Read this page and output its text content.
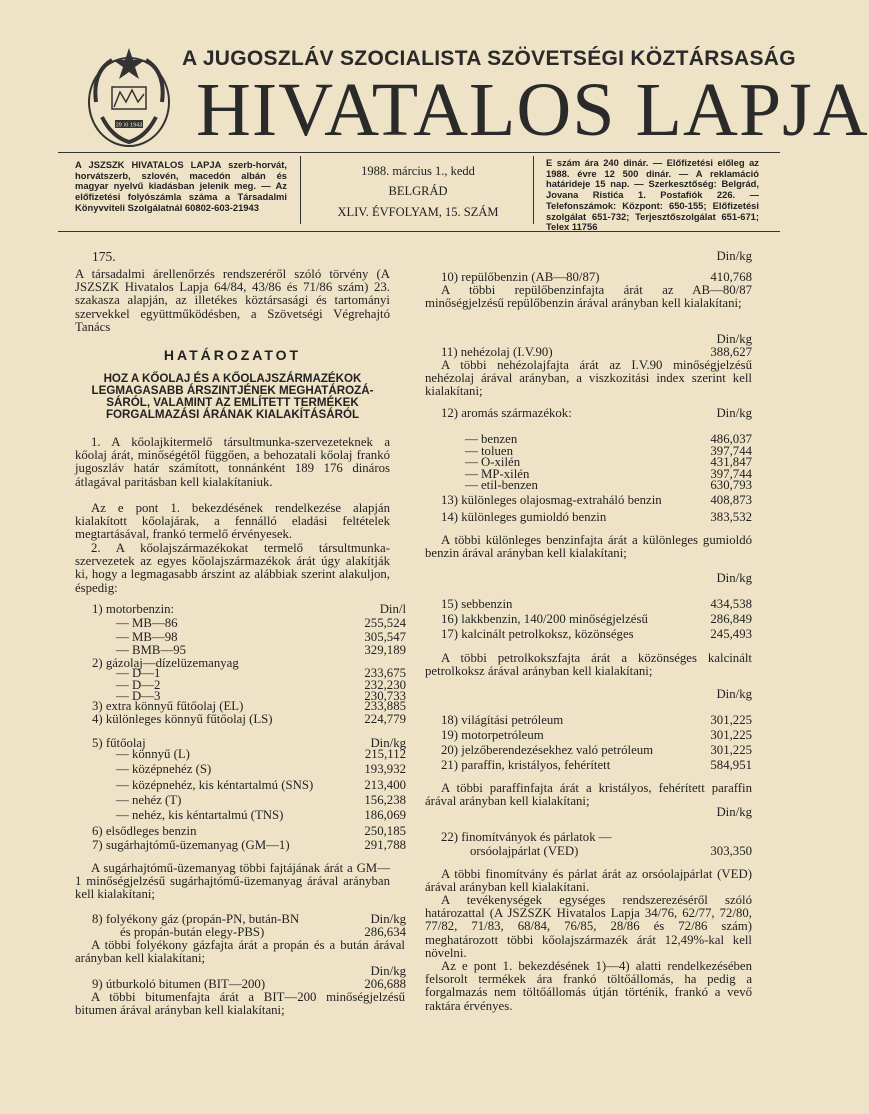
29 XI 1943
A JUGOSZLÁV SZOCIALISTA SZÖVETSÉGI KÖZTÁRSASÁG
HIVATALOS LAPJA
A JSZSZK HIVATALOS LAPJA szerb-horvát, horvátszerb, szlovén, macedón albán és magyar nyelvű kiadásban jelenik meg. — Az előfizetési folyószámla száma a Társadalmi Könyvviteli Szolgálatnál 60802-603-21943
1988. március 1., kedd
BELGRÁD
XLIV. ÉVFOLYAM, 15. SZÁM
E szám ára 240 dinár. — Előfizetési előleg az 1988. évre 12 500 dinár. — A reklamáció határideje 15 nap. — Szerkesztőség: Belgrád, Jovana Ristića 1. Postafiók 226. — Telefonszámok: Központ: 650-155; Előfizetési szolgálat 651-732; Terjesztőszolgálat 651-671; Telex 11756
175.
A társadalmi árellenőrzés rendszeréről szóló törvény (A JSZSZK Hivatalos Lapja 64/84, 43/86 és 71/86 szám) 23. szakasza alapján, az illetékes köztársasági és tartományi szervekkel együttműködésben, a Szövetségi Végrehajtó Tanács
HATÁROZATOT
HOZ A KŐOLAJ ÉS A KŐOLAJSZÁRMAZÉKOK
LEGMAGASABB ÁRSZINTJÉNEK MEGHATÁROZÁ-
SÁRÓL, VALAMINT AZ EMLÍTETT TERMÉKEK
FORGALMAZÁSI ÁRÁNAK KIALAKÍTÁSÁRÓL
1. A kőolajkitermelő társultmunka-szervezeteknek a kőolaj árát, minőségétől függően, a behozatali kőolaj frankó jugoszláv határ számított, tonnánként 189 176 dináros átlagával paritásban kell kialakítaniuk.
Az e pont 1. bekezdésének rendelkezése alapján kialakított kőolajárak, a fennálló eladási feltételek megtartásával, frankó termelő érvényesek.
2. A kőolajszármazékokat termelő társultmunka-szervezetek az egyes kőolajszármazékok árát úgy alakítják ki, hogy a legmagasabb árszint az alábbiak szerint alakuljon, éspedig:
1) motorbenzin:	Din/l
— MB—86	255,524
— MB—98	305,547
— BMB—95	329,189
2) gázolaj—dízelüzemanyag
— D—1	233,675
— D—2	232,230
— D—3	230,733
3) extra könnyű fűtőolaj (EL)	233,885
4) különleges könnyű fűtőolaj (LS)	224,779
5) fűtőolaj	Din/kg
— könnyű (L)	215,112
— középnehéz (S)	193,932
— középnehéz, kis kéntartalmú (SNS)	213,400
— nehéz (T)	156,238
— nehéz, kis kéntartalmú (TNS)	186,069
6) elsődleges benzin	250,185
7) sugárhajtómű-üzemanyag (GM—1)	291,788
A sugárhajtómű-üzemanyag többi fajtájának árát a GM—1 minőségjelzésű sugárhajtómű-üzemanyag árával arányban kell kialakítani;
8) folyékony gáz (propán-PN, bután-BN	Din/kg
és propán-bután elegy-PBS)	286,634
A többi folyékony gázfajta árát a propán és a bután árával arányban kell kialakítani;
Din/kg
9) útburkoló bitumen (BIT—200)	206,688
A többi bitumenfajta árát a BIT—200 minőségjelzésű bitumen árával arányban kell kialakítani;
Din/kg
10) repülőbenzin (AB—80/87)	410,768
A többi repülőbenzinfajta árát az AB—80/87 minőségjelzésű repülőbenzin árával arányban kell kialakítani;
Din/kg
11) nehézolaj (I.V.90)	388,627
A többi nehézolajfajta árát az I.V.90 minőségjelzésű nehézolaj árával arányban, a viszkozitási index szerint kell kialakítani;
12) aromás származékok:	Din/kg
— benzen	486,037
— toluen	397,744
— O-xilén	431,847
— MP-xilén	397,744
— etil-benzen	630,793
13) különleges olajosmag-extraháló benzin	408,873
14) különleges gumioldó benzin	383,532
A többi különleges benzinfajta árát a különleges gumioldó benzin árával arányban kell kialakítani;
Din/kg
15) sebbenzin	434,538
16) lakkbenzin, 140/200 minőségjelzésű	286,849
17) kalcinált petrolkoksz, közönséges	245,493
A többi petrolkokszfajta árát a közönséges kalcinált petrolkoksz árával arányban kell kialakítani;
Din/kg
18) világítási petróleum	301,225
19) motorpetróleum	301,225
20) jelzőberendezésekhez való petróleum	301,225
21) paraffin, kristályos, fehérített	584,951
A többi paraffinfajta árát a kristályos, fehérített paraffin árával arányban kell kialakítani;
Din/kg
22) finomítványok és párlatok —
orsóolajpárlat (VED)	303,350
A többi finomítvány és párlat árát az orsóolajpárlat (VED) árával arányban kell kialakítani.
A tevékenységek egységes rendszerezéséről szóló határozattal (A JSZSZK Hivatalos Lapja 34/76, 62/77, 72/80, 77/82, 71/83, 68/84, 76/85, 28/86 és 72/86 szám) meghatározott többi kőolajszármazék árát 12,49%-kal kell növelni.
Az e pont 1. bekezdésének 1)—4) alatti rendelkezésében felsorolt termékek ára frankó töltőállomás, ha pedig a forgalmazás nem töltőállomás útján történik, frankó a vevő raktára érvényes.
